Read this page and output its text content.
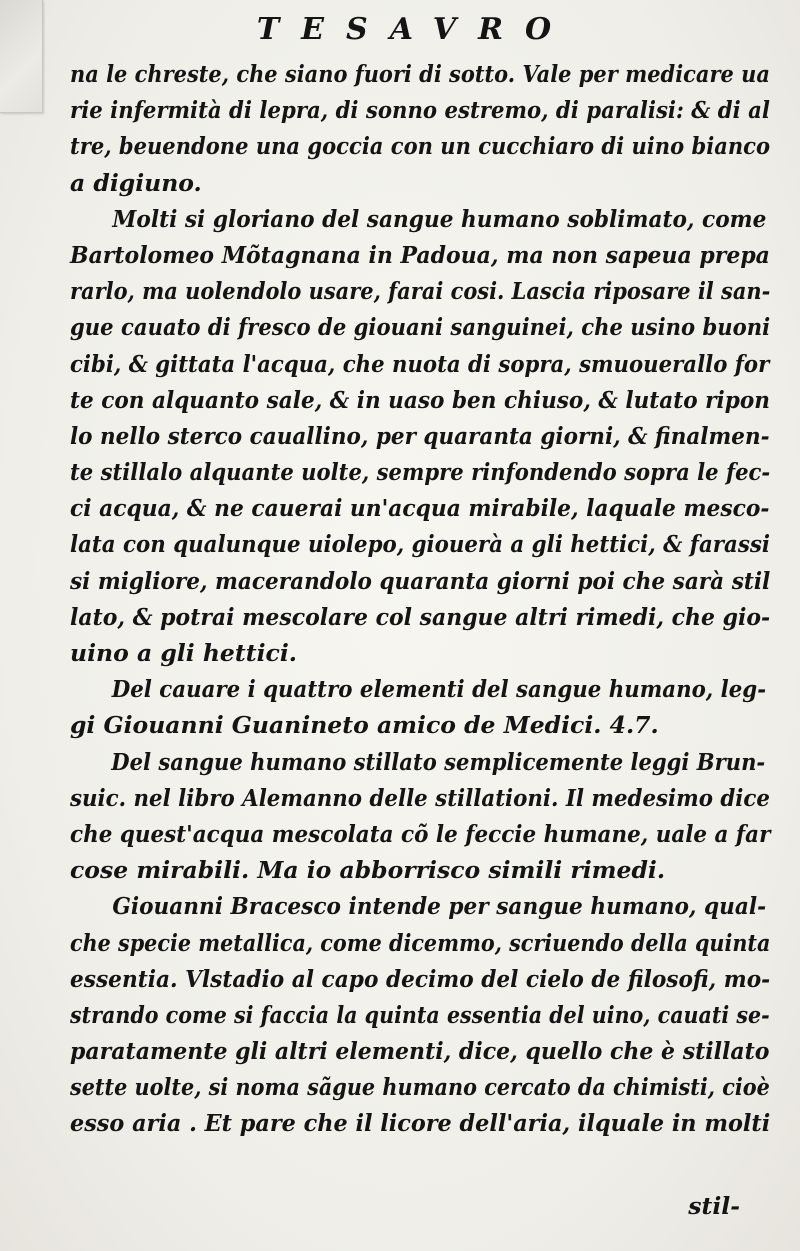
TESAVRO
na le chreste, che siano fuori di sotto. Vale per medicare ua
rie infermità di lepra, di sonno estremo, di paralisi: & di al
tre, beuendone una goccia con un cucchiaro di uino bianco
a digiuno.
Molti si gloriano del sangue humano soblimato, come
Bartolomeo Mõtagnana in Padoua, ma non sapeua prepa
rarlo, ma uolendolo usare, farai cosi. Lascia riposare il san-
gue cauato di fresco de giouani sanguinei, che usino buoni
cibi, & gittata l'acqua, che nuota di sopra, smuouerallo for
te con alquanto sale, & in uaso ben chiuso, & lutato ripon
lo nello sterco cauallino, per quaranta giorni, & finalmen-
te stillalo alquante uolte, sempre rinfondendo sopra le fec-
ci acqua, & ne cauerai un'acqua mirabile, laquale mesco-
lata con qualunque uiolepo, giouerà a gli hettici, & farassi
si migliore, macerandolo quaranta giorni poi che sarà stil
lato, & potrai mescolare col sangue altri rimedi, che gio-
uino a gli hettici.
Del cauare i quattro elementi del sangue humano, leg-
gi Giouanni Guanineto amico de Medici. 4.7.
Del sangue humano stillato semplicemente leggi Brun-
suic. nel libro Alemanno delle stillationi. Il medesimo dice
che quest'acqua mescolata cõ le feccie humane, uale a far
cose mirabili. Ma io abborrisco simili rimedi.
Giouanni Bracesco intende per sangue humano, qual-
che specie metallica, come dicemmo, scriuendo della quinta
essentia. Vlstadio al capo decimo del cielo de filosofi, mo-
strando come si faccia la quinta essentia del uino, cauati se-
paratamente gli altri elementi, dice, quello che è stillato
sette uolte, si noma sãgue humano cercato da chimisti, cioè
esso aria . Et pare che il licore dell'aria, ilquale in molti
stil-
